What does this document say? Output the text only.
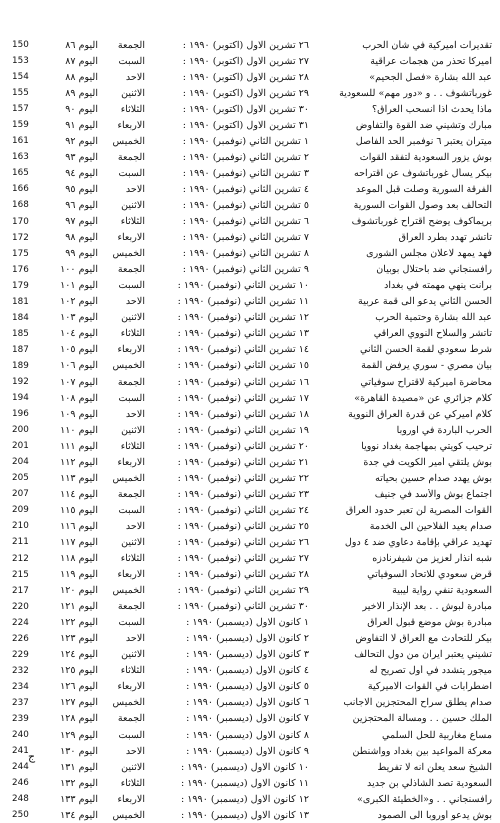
150	اليوم ٨٦	الجمعة	٢٦ تشرين الاول (اكتوبر) ١٩٩٠ :	تقديرات اميركية في شأن الحرب
153	اليوم ٨٧	السبت	٢٧ تشرين الاول (اكتوبر) ١٩٩٠ :	اميركا تحذر من هجمات عراقية
154	اليوم ٨٨	الاحد	٢٨ تشرين الاول (اكتوبر) ١٩٩٠ :	عبد الله بشارة «فصل الجحيم»
155	اليوم ٨٩	الاثنين	٢٩ تشرين الاول (اكتوبر) ١٩٩٠ :	غورباتشوف . . و «دور مهم» للسعودية
157	اليوم ٩٠	الثلاثاء	٣٠ تشرين الاول (اكتوبر) ١٩٩٠ :	ماذا يحدث اذا انسحب العراق؟
159	اليوم ٩١	الاربعاء	٣١ تشرين الاول (اكتوبر) ١٩٩٠ :	مبارك وتشيني ضد القوة والتفاوض
161	اليوم ٩٢	الخميس	١ تشرين الثاني (نوفمبر) ١٩٩٠ :	ميتران يعتبر ٦ نوفمبر الحد الفاصل
163	اليوم ٩٣	الجمعة	٢ تشرين الثاني (نوفمبر) ١٩٩٠ :	بوش يزور السعودية لتفقد القوات
165	اليوم ٩٤	السبت	٣ تشرين الثاني (نوفمبر) ١٩٩٠ :	بيكر يسأل غورباتشوف عن اقتراحه
166	اليوم ٩٥	الاحد	٤ تشرين الثاني (نوفمبر) ١٩٩٠ :	الفرقة السورية وصلت قبل الموعد
168	اليوم ٩٦	الاثنين	٥ تشرين الثاني (نوفمبر) ١٩٩٠ :	التحالف بعد وصول القوات السورية
170	اليوم ٩٧	الثلاثاء	٦ تشرين الثاني (نوفمبر) ١٩٩٠ :	بريماكوف يوضح اقتراح غورباتشوف
172	اليوم ٩٨	الاربعاء	٧ تشرين الثاني (نوفمبر) ١٩٩٠ :	تاتشر تهدد بطرد العراق
175	اليوم ٩٩	الخميس	٨ تشرين الثاني (نوفمبر) ١٩٩٠ :	فهد يمهد لاعلان مجلس الشورى
176	اليوم ١٠٠	الجمعة	٩ تشرين الثاني (نوفمبر) ١٩٩٠ :	رافسنجاني ضد باحتلال بوبيان
179	اليوم ١٠١	السبت	١٠ تشرين الثاني (نوفمبر) ١٩٩٠ :	برانت ينهي مهمته في بغداد
181	اليوم ١٠٢	الاحد	١١ تشرين الثاني (نوفمبر) ١٩٩٠ :	الحسن الثاني يدعو الى قمة عربية
184	اليوم ١٠٣	الاثنين	١٢ تشرين الثاني (نوفمبر) ١٩٩٠ :	عبد الله بشارة وحتمية الحرب
185	اليوم ١٠٤	الثلاثاء	١٣ تشرين الثاني (نوفمبر) ١٩٩٠ :	تاتشر والسلاح النووي العراقي
187	اليوم ١٠٥	الاربعاء	١٤ تشرين الثاني (نوفمبر) ١٩٩٠ :	شرط سعودي لقمة الحسن الثاني
189	اليوم ١٠٦	الخميس	١٥ تشرين الثاني (نوفمبر) ١٩٩٠ :	بيان مصري - سوري يرفض القمة
192	اليوم ١٠٧	الجمعة	١٦ تشرين الثاني (نوفمبر) ١٩٩٠ :	محاضرة اميركية لاقتراح سوفياتي
194	اليوم ١٠٨	السبت	١٧ تشرين الثاني (نوفمبر) ١٩٩٠ :	كلام جزائري عن «مصيدة القاهرة»
196	اليوم ١٠٩	الاحد	١٨ تشرين الثاني (نوفمبر) ١٩٩٠ :	كلام اميركي عن قدرة العراق النووية
200	اليوم ١١٠	الاثنين	١٩ تشرين الثاني (نوفمبر) ١٩٩٠ :	الحرب الباردة في اوروبا
201	اليوم ١١١	الثلاثاء	٢٠ تشرين الثاني (نوفمبر) ١٩٩٠ :	ترحيب كويتي بمهاجمة بغداد نوويا
204	اليوم ١١٢	الاربعاء	٢١ تشرين الثاني (نوفمبر) ١٩٩٠ :	بوش يلتقي أمير الكويت في جدة
205	اليوم ١١٣	الخميس	٢٢ تشرين الثاني (نوفمبر) ١٩٩٠ :	بوش يهدد صدام حسين بحياته
207	اليوم ١١٤	الجمعة	٢٣ تشرين الثاني (نوفمبر) ١٩٩٠ :	اجتماع بوش والأسد في جنيف
209	اليوم ١١٥	السبت	٢٤ تشرين الثاني (نوفمبر) ١٩٩٠ :	القوات المصرية لن تعبر حدود العراق
210	اليوم ١١٦	الاحد	٢٥ تشرين الثاني (نوفمبر) ١٩٩٠ :	صدام يعيد الفلاحين الى الخدمة
211	اليوم ١١٧	الاثنين	٢٦ تشرين الثاني (نوفمبر) ١٩٩٠ :	تهديد عراقي بإقامة دعاوي ضد ٤ دول
212	اليوم ١١٨	الثلاثاء	٢٧ تشرين الثاني (نوفمبر) ١٩٩٠ :	شبه انذار لعزيز من شيفرنادزه
215	اليوم ١١٩	الاربعاء	٢٨ تشرين الثاني (نوفمبر) ١٩٩٠ :	قرض سعودي للاتحاد السوفياتي
217	اليوم ١٢٠	الخميس	٢٩ تشرين الثاني (نوفمبر) ١٩٩٠ :	السعودية تنفي رواية ليبية
220	اليوم ١٢١	الجمعة	٣٠ تشرين الثاني (نوفمبر) ١٩٩٠ :	مبادرة لبوش . . بعد الإنذار الاخير
224	اليوم ١٢٢	السبت	١ كانون الاول (ديسمبر) ١٩٩٠ :	مبادرة بوش موضع قبول العراق
226	اليوم ١٢٣	الاحد	٢ كانون الاول (ديسمبر) ١٩٩٠ :	بيكر للتحادث مع العراق لا التفاوض
229	اليوم ١٢٤	الاثنين	٣ كانون الاول (ديسمبر) ١٩٩٠ :	تشيني يعتبر ايران من دول التحالف
232	اليوم ١٢٥	الثلاثاء	٤ كانون الاول (ديسمبر) ١٩٩٠ :	ميجور يتشدد في أول تصريح له
234	اليوم ١٢٦	الاربعاء	٥ كانون الاول (ديسمبر) ١٩٩٠ :	اضطرابات في القوات الاميركية
237	اليوم ١٢٧	الخميس	٦ كانون الاول (ديسمبر) ١٩٩٠ :	صدام يطلق سراح المحتجزين الاجانب
239	اليوم ١٢٨	الجمعة	٧ كانون الاول (ديسمبر) ١٩٩٠ :	الملك حسين . . ومسالة المحتجزين
240	اليوم ١٢٩	السبت	٨ كانون الاول (ديسمبر) ١٩٩٠ :	مساع مغاربية للحل السلمي
241	اليوم ١٣٠	الاحد	٩ كانون الاول (ديسمبر) ١٩٩٠ :	معركة المواعيد بين بغداد وواشنطن
244	اليوم ١٣١	الاثنين	١٠ كانون الاول (ديسمبر) ١٩٩٠ :	الشيخ سعد يعلن انه لا تفريط
246	اليوم ١٣٢	الثلاثاء	١١ كانون الاول (ديسمبر) ١٩٩٠ :	السعودية تصد الشاذلي بن جديد
248	اليوم ١٣٣	الاربعاء	١٢ كانون الاول (ديسمبر) ١٩٩٠ :	رافسنجاني . . و«الخطيئة الكبرى»
250	اليوم ١٣٤	الخميس	١٣ كانون الاول (ديسمبر) ١٩٩٠ :	بوش يدعو أوروبا الى الصمود
ج
